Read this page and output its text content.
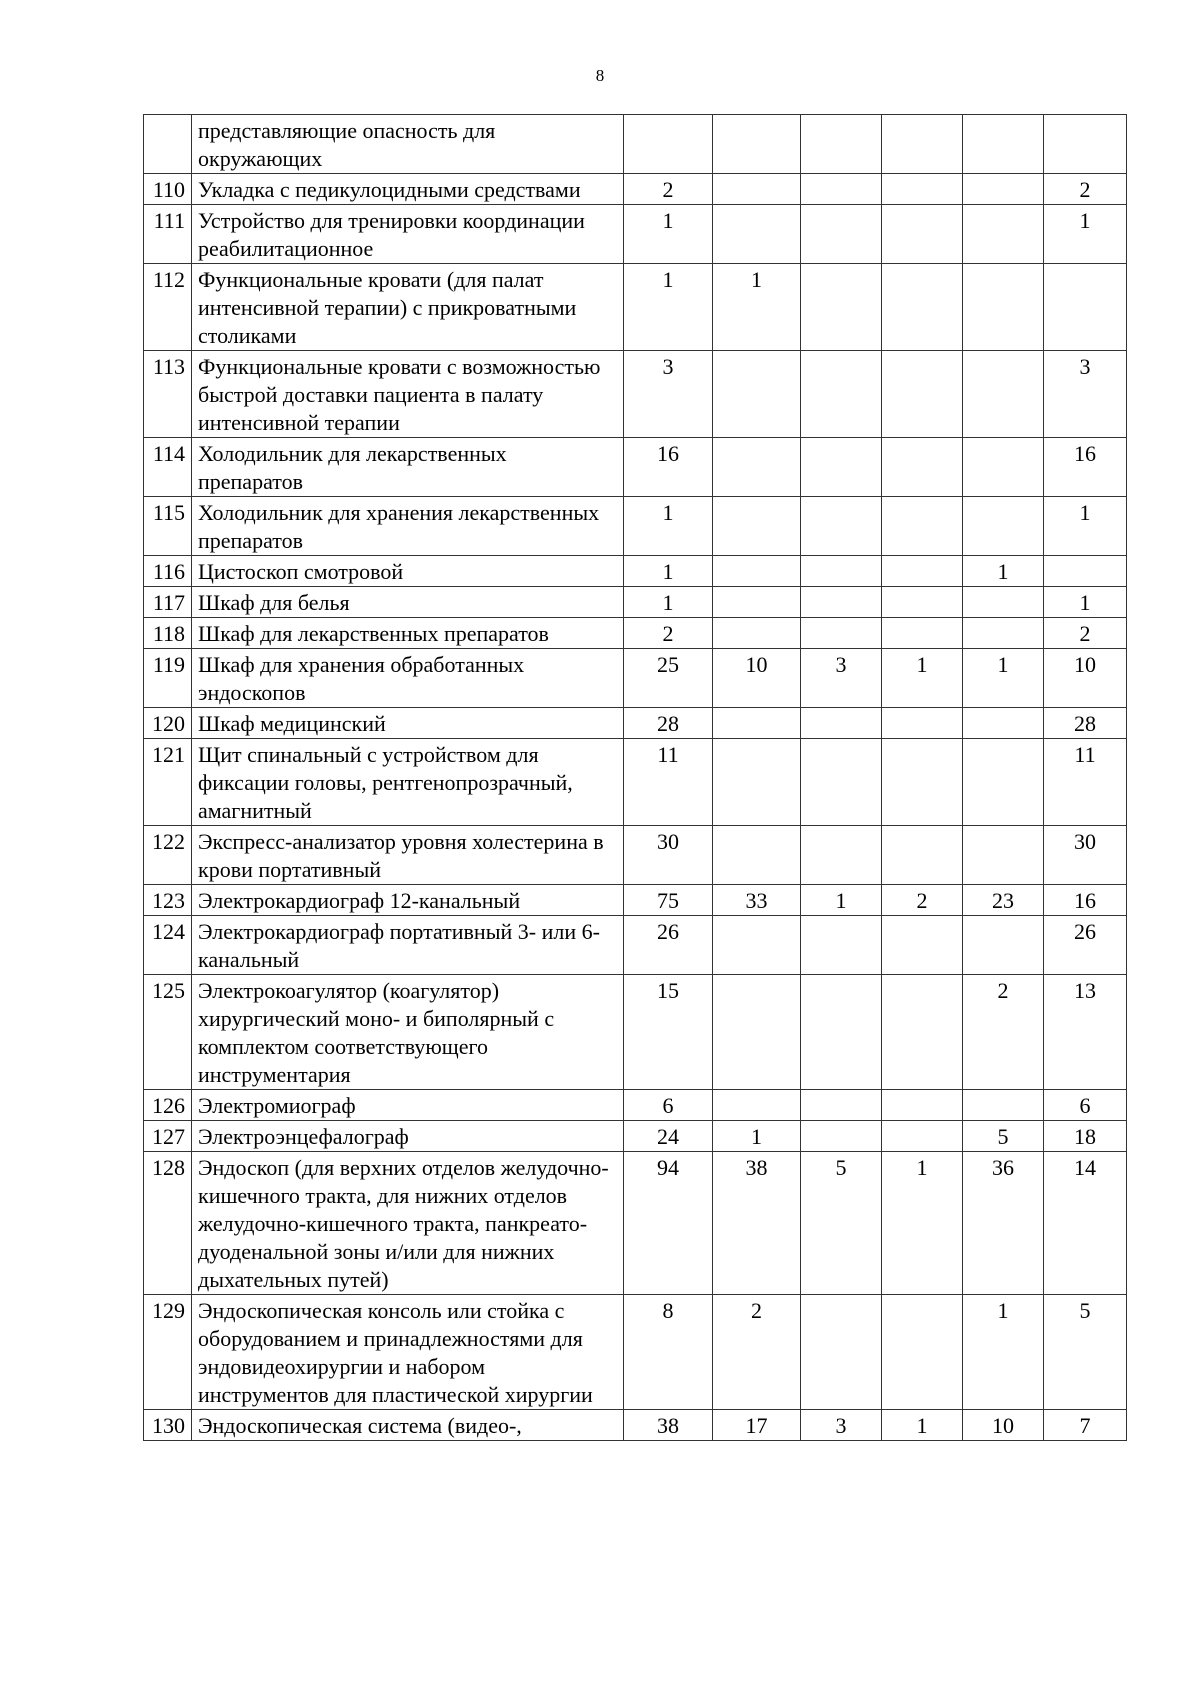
8
	представляющие опасность для окружающих						
110	Укладка с педикулоцидными средствами	2					2
111	Устройство для тренировки координации реабилитационное	1					1
112	Функциональные кровати (для палат интенсивной терапии) с прикроватными столиками	1	1				
113	Функциональные кровати с возможностью быстрой доставки пациента в палату интенсивной терапии	3					3
114	Холодильник для лекарственных препаратов	16					16
115	Холодильник для хранения лекарственных препаратов	1					1
116	Цистоскоп смотровой	1				1	
117	Шкаф для белья	1					1
118	Шкаф для лекарственных препаратов	2					2
119	Шкаф для хранения обработанных эндоскопов	25	10	3	1	1	10
120	Шкаф медицинский	28					28
121	Щит спинальный с устройством для фиксации головы, рентгенопрозрачный, амагнитный	11					11
122	Экспресс-анализатор уровня холестерина в крови портативный	30					30
123	Электрокардиограф 12-канальный	75	33	1	2	23	16
124	Электрокардиограф портативный 3- или 6-канальный	26					26
125	Электрокоагулятор (коагулятор) хирургический моно- и биполярный с комплектом соответствующего инструментария	15				2	13
126	Электромиограф	6					6
127	Электроэнцефалограф	24	1			5	18
128	Эндоскоп (для верхних отделов желудочно-кишечного тракта, для нижних отделов желудочно-кишечного тракта, панкреато-дуоденальной зоны и/или для нижних дыхательных путей)	94	38	5	1	36	14
129	Эндоскопическая консоль или стойка с оборудованием и принадлежностями для эндовидеохирургии и набором инструментов для пластической хирургии	8	2			1	5
130	Эндоскопическая система (видео-,	38	17	3	1	10	7
